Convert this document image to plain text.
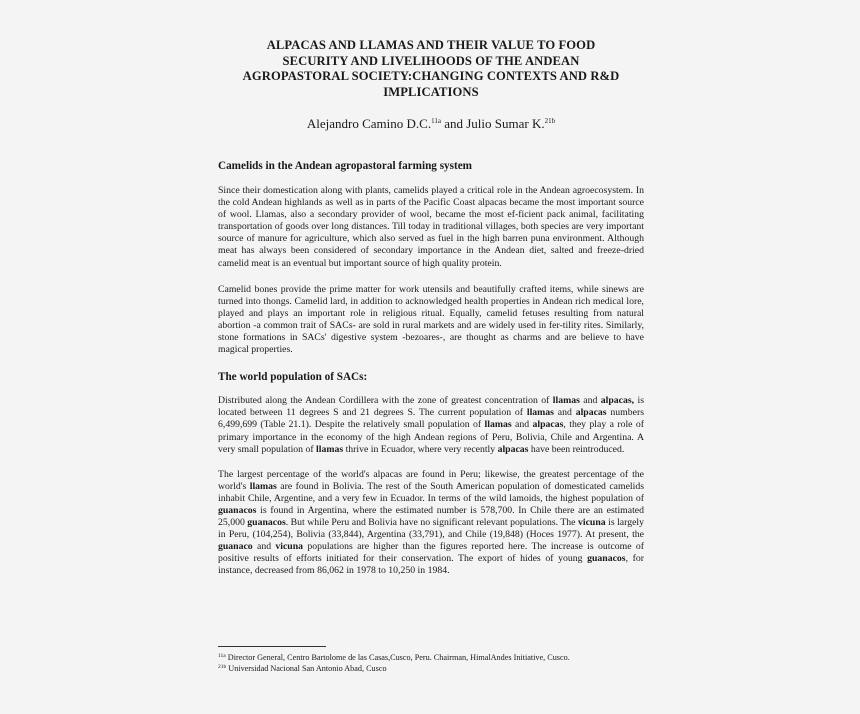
ALPACAS AND LLAMAS AND THEIR VALUE TO FOOD
SECURITY AND LIVELIHOODS OF THE ANDEAN
AGROPASTORAL SOCIETY:CHANGING CONTEXTS AND R&D
IMPLICATIONS
Alejandro Camino D.C.$^{11a}$ and Julio Sumar K.$^{21b}$
Camelids in the Andean agropastoral farming system

Since their domestication along with plants, camelids played a critical role in the Andean agroecosystem. In the cold Andean highlands as well as in parts of the Pacific Coast alpacas became the most important source of wool. Llamas, also a secondary provider of wool, became the most ef-ficient pack animal, facilitating transportation of goods over long distances. Till today in traditional villages, both species are very important source of manure for agriculture, which also served as fuel in the high barren puna environment. Although meat has always been considered of secondary importance in the Andean diet, salted and freeze-dried camelid meat is an eventual but important source of high quality protein.

Camelid bones provide the prime matter for work utensils and beautifully crafted items, while sinews are turned into thongs. Camelid lard, in addition to acknowledged health properties in Andean rich medical lore, played and plays an important role in religious ritual. Equally, camelid fetuses resulting from natural abortion -a common trait of SACs- are sold in rural markets and are widely used in fer-tility rites. Similarly, stone formations in SACs' digestive system -bezoares-, are thought as charms and are believe to have magical properties.

The world population of SACs:

Distributed along the Andean Cordillera with the zone of greatest concentration of llamas and alpacas, is located between 11 degrees S and 21 degrees S. The current population of llamas and alpacas numbers 6,499,699 (Table 21.1). Despite the relatively small population of llamas and alpacas, they play a role of primary importance in the economy of the high Andean regions of Peru, Bolivia, Chile and Argentina. A very small population of llamas thrive in Ecuador, where very recently alpacas have been reintroduced.

The largest percentage of the world's alpacas are found in Peru; likewise, the greatest percentage of the world's llamas are found in Bolivia. The rest of the South American population of domesticated camelids inhabit Chile, Argentine, and a very few in Ecuador. In terms of the wild lamoids, the highest population of guanacos is found in Argentina, where the estimated number is 578,700. In Chile there are an estimated 25,000 guanacos. But while Peru and Bolivia have no significant relevant populations. The vicuna is largely in Peru, (104,254), Bolivia (33,844), Argentina (33,791), and Chile (19,848) (Hoces 1977). At present, the guanaco and vicuna populations are higher than the figures reported here. The increase is outcome of positive results of efforts initiated for their conservation. The export of hides of young guanacos, for instance, decreased from 86,062 in 1978 to 10,250 in 1984.

$^{11a}$ Director General, Centro Bartolome de las Casas,Cusco, Peru. Chairman, HimalAndes Initiative, Cusco.
$^{21b}$ Universidad Nacional San Antonio Abad, Cusco
